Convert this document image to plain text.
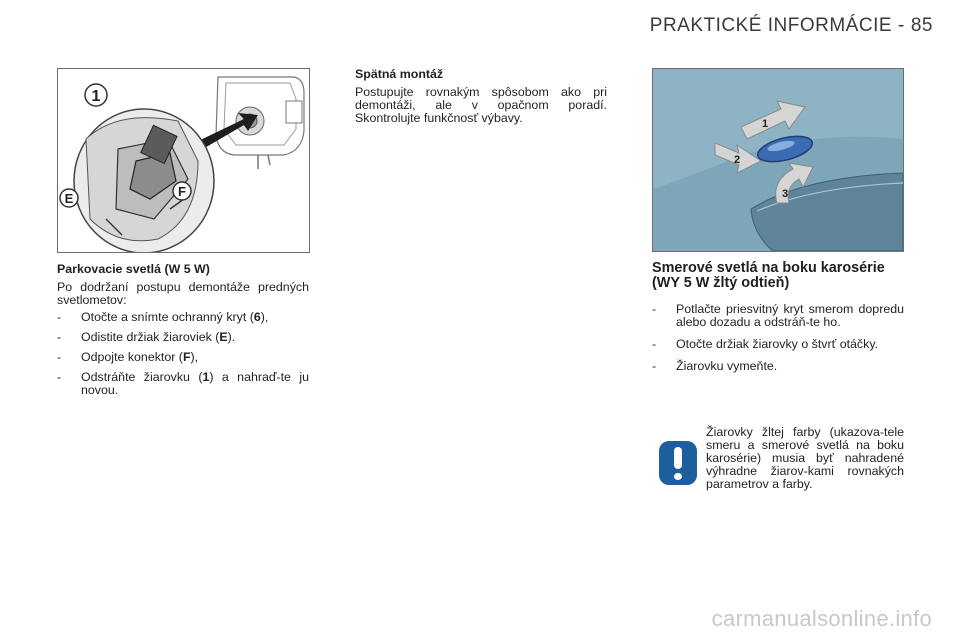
PRAKTICKÉ INFORMÁCIE - 85
1
F
E
1
2
3

Parkovacie svetlá (W 5 W)

Po dodržaní postupu demontáže predných svetlometov:

- Otočte a snímte ochranný kryt (6),
- Odistite držiak žiaroviek (E).
- Odpojte konektor (F),
- Odstráňte žiarovku (1) a nahraď-te ju novou.

Spätná montáž

Postupujte rovnakým spôsobom ako pri demontáži, ale v opačnom poradí. Skontrolujte funkčnosť výbavy.

Smerové svetlá na boku karosérie (WY 5 W žltý odtieň)
- Potlačte priesvitný kryt smerom dopredu alebo dozadu a odstráň-te ho.
- Otočte držiak žiarovky o štvrť otáčky.
- Žiarovku vymeňte.
Žiarovky žltej farby (ukazova-tele smeru a smerové svetlá na boku karosérie) musia byť nahradené výhradne žiarov-kami rovnakých parametrov a farby.
carmanualsonline.info
